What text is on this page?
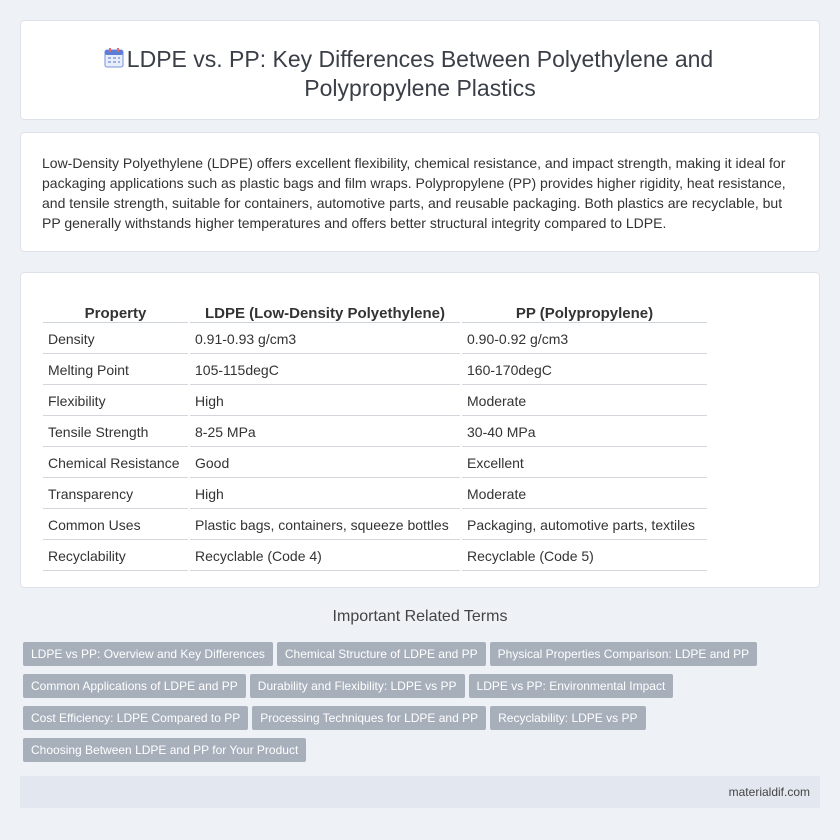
LDPE vs. PP: Key Differences Between Polyethylene and Polypropylene Plastics

Low-Density Polyethylene (LDPE) offers excellent flexibility, chemical resistance, and impact strength, making it ideal for packaging applications such as plastic bags and film wraps. Polypropylene (PP) provides higher rigidity, heat resistance, and tensile strength, suitable for containers, automotive parts, and reusable packaging. Both plastics are recyclable, but PP generally withstands higher temperatures and offers better structural integrity compared to LDPE.

Property	LDPE (Low-Density Polyethylene)	PP (Polypropylene)
Density	0.91-0.93 g/cm3	0.90-0.92 g/cm3
Melting Point	105-115degC	160-170degC
Flexibility	High	Moderate
Tensile Strength	8-25 MPa	30-40 MPa
Chemical Resistance	Good	Excellent
Transparency	High	Moderate
Common Uses	Plastic bags, containers, squeeze bottles	Packaging, automotive parts, textiles
Recyclability	Recyclable (Code 4)	Recyclable (Code 5)
Important Related Terms
LDPE vs PP: Overview and Key Differences Chemical Structure of LDPE and PP Physical Properties Comparison: LDPE and PP
Common Applications of LDPE and PP Durability and Flexibility: LDPE vs PP LDPE vs PP: Environmental Impact
Cost Efficiency: LDPE Compared to PP Processing Techniques for LDPE and PP Recyclability: LDPE vs PP
Choosing Between LDPE and PP for Your Product
materialdif.com
